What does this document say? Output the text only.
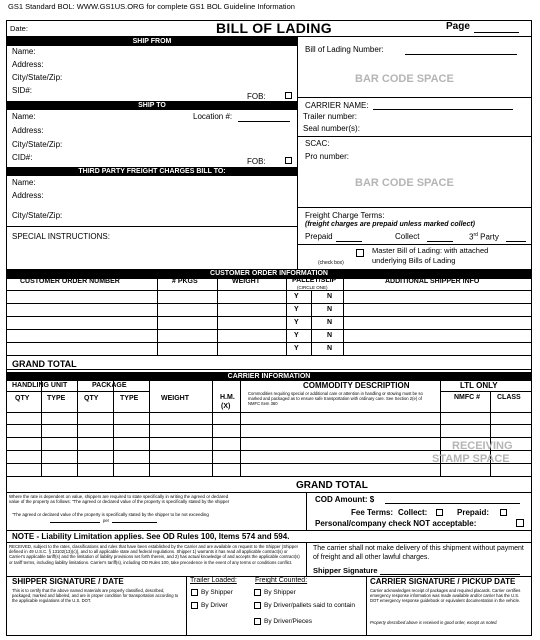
GS1 Standard BOL: WWW.GS1US.ORG for complete GS1 BOL Guideline Information
Date:	BILL OF LADING	Page
SHIP FROM
Name:
Address:
City/State/Zip:
SID#:
FOB:
SHIP TO
Name:	Location #:
Address:
City/State/Zip:
CID#:	FOB:
THIRD PARTY FREIGHT CHARGES BILL TO:
Name:
Address:
City/State/Zip:
SPECIAL INSTRUCTIONS:
Bill of Lading Number:
BAR CODE SPACE
CARRIER NAME:
Trailer number:
Seal number(s):
SCAC:
Pro number:
BAR CODE SPACE
Freight Charge Terms:
(freight charges are prepaid unless marked collect)
Prepaid	Collect	3rd Party
Master Bill of Lading: with attached
underlying Bills of Lading
(check box)
CUSTOMER ORDER INFORMATION
CUSTOMER ORDER NUMBER	# PKGS	WEIGHT	PALLET/SLIP
(CIRCLE ONE)
ADDITIONAL SHIPPER INFO
Y	N
Y	N
Y	N
Y	N
Y	N
GRAND TOTAL
CARRIER INFORMATION
HANDLING UNIT	PACKAGE
QTY	TYPE	QTY	TYPE	WEIGHT	H.M.
(X)
COMMODITY DESCRIPTION
Commodities requiring special or additional care or attention in handling or stowing must be so marked and packaged as to ensure safe transportation with ordinary care. See Section 2(e) of NMFC Item 360
LTL ONLY
NMFC # CLASS
RECEIVING
STAMP SPACE
GRAND TOTAL
Where the rate is dependent on value, shippers are required to state specifically in writing the agreed or declared
value of the property as follows: "The agreed or declared value of the property is specifically stated by the shipper
"The agreed or declared value of the property is specifically stated by the shipper to be not exceeding
per
COD Amount: $
Fee Terms: Collect:	Prepaid:
Personal/company check NOT acceptable:
NOTE - Liability Limitation applies. See OD Rules 100, Items 574 and 594.
RECEIVED, subject to the rates, classifications and rules that have been established by the Carrier and are available on request to the Shipper (Shipper defined in 49 U.S.C. § 13102(13)(c)), and to all applicable state and federal regulations. Shipper 1) warrants it has read all applicable contract(s) or Carrier's applicable tariff(s) and the limitation of liability provisions set forth therein, and 2) has actual knowledge of and accepts the applicable contract(s) or tariff terms, including liability limitations. Carrier's tariff(s), including OD Rules 100, take precedence in the event of any terms or conditions conflict.
The carrier shall not make delivery of this shipment without payment of freight and all other lawful charges.
Shipper Signature
SHIPPER SIGNATURE / DATE
This is to certify that the above named materials are properly classified, described, packaged, marked and labeled, and are in proper condition for transportation according to the applicable regulations of the U.S. DOT.
Trailer Loaded:
By Shipper
By Driver
Freight Counted:
By Shipper
By Driver/pallets said to contain
By Driver/Pieces
CARRIER SIGNATURE / PICKUP DATE
Carrier acknowledges receipt of packages and required placards. Carrier certifies emergency response information was made available and/or carrier has the U.S. DOT emergency response guidebook or equivalent documentation in the vehicle.
Property described above is received in good order, except as noted.
